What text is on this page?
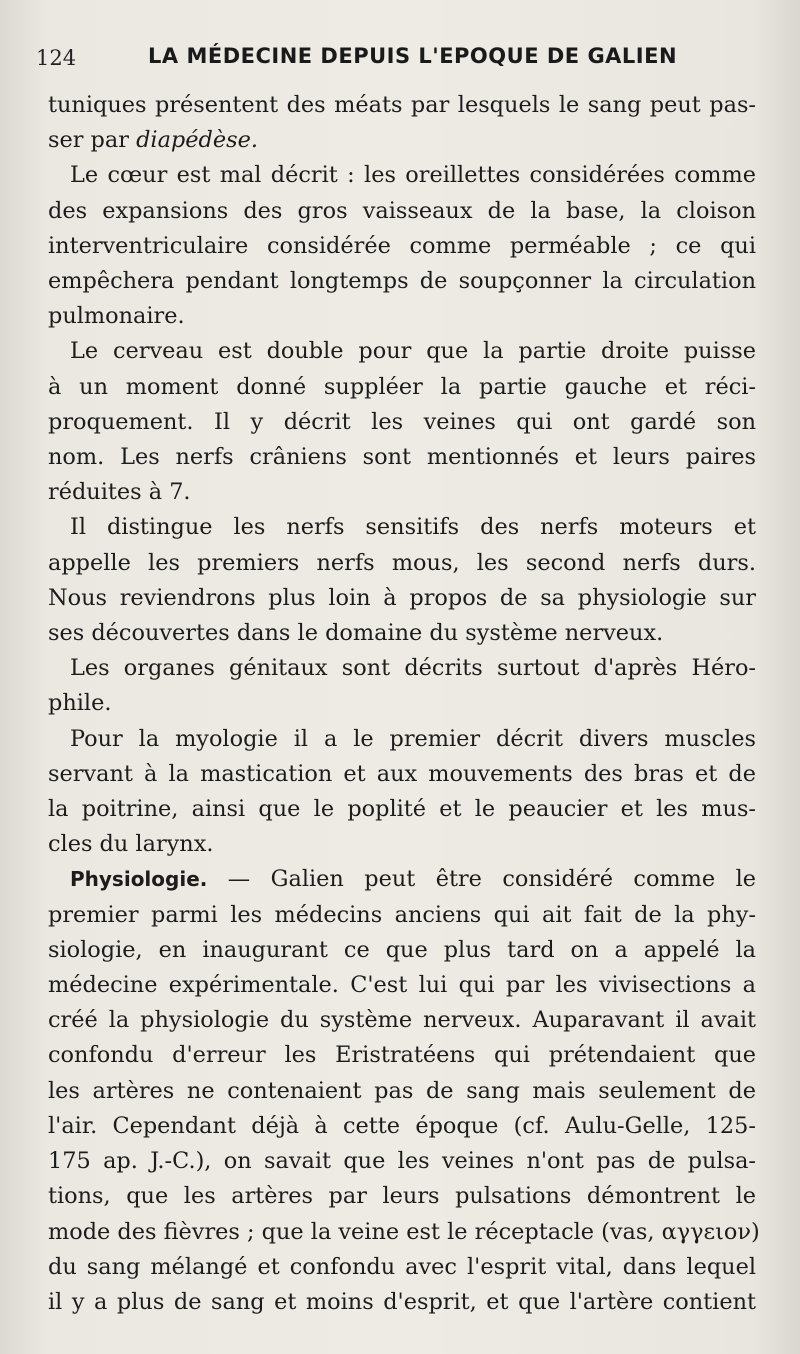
124	LA MÉDECINE DEPUIS L'EPOQUE DE GALIEN
tuniques présentent des méats par lesquels le sang peut pas-
ser par diapédèse.
Le cœur est mal décrit : les oreillettes considérées comme
des expansions des gros vaisseaux de la base, la cloison
interventriculaire considérée comme perméable ; ce qui
empêchera pendant longtemps de soupçonner la circulation
pulmonaire.
Le cerveau est double pour que la partie droite puisse
à un moment donné suppléer la partie gauche et réci-
proquement. Il y décrit les veines qui ont gardé son
nom. Les nerfs crâniens sont mentionnés et leurs paires
réduites à 7.
Il distingue les nerfs sensitifs des nerfs moteurs et
appelle les premiers nerfs mous, les second nerfs durs.
Nous reviendrons plus loin à propos de sa physiologie sur
ses découvertes dans le domaine du système nerveux.
Les organes génitaux sont décrits surtout d'après Héro-
phile.
Pour la myologie il a le premier décrit divers muscles
servant à la mastication et aux mouvements des bras et de
la poitrine, ainsi que le poplité et le peaucier et les mus-
cles du larynx.
Physiologie. — Galien peut être considéré comme le
premier parmi les médecins anciens qui ait fait de la phy-
siologie, en inaugurant ce que plus tard on a appelé la
médecine expérimentale. C'est lui qui par les vivisections a
créé la physiologie du système nerveux. Auparavant il avait
confondu d'erreur les Eristratéens qui prétendaient que
les artères ne contenaient pas de sang mais seulement de
l'air. Cependant déjà à cette époque (cf. Aulu-Gelle, 125-
175 ap. J.-C.), on savait que les veines n'ont pas de pulsa-
tions, que les artères par leurs pulsations démontrent le
mode des fièvres ; que la veine est le réceptacle (vas, αγγειον)
du sang mélangé et confondu avec l'esprit vital, dans lequel
il y a plus de sang et moins d'esprit, et que l'artère contient
